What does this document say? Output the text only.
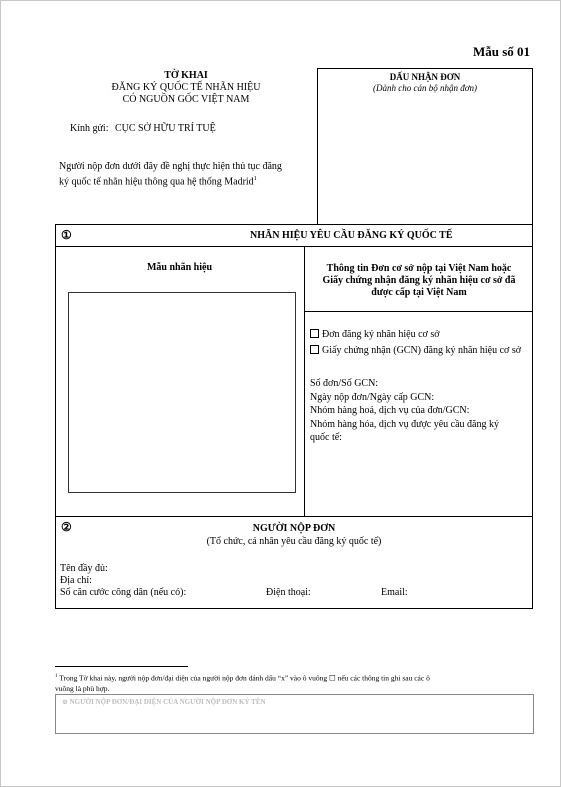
Mẫu số 01
TỜ KHAI
ĐĂNG KÝ QUỐC TẾ NHÃN HIỆU
CÓ NGUỒN GỐC VIỆT NAM
Kính gửi: CỤC SỞ HỮU TRÍ TUỆ
Người nộp đơn dưới đây đề nghị thực hiện thủ tục đăng
ký quốc tế nhãn hiệu thông qua hệ thống Madrid$^1$
DẤU NHẬN ĐƠN
(Dành cho cán bộ nhận đơn)
①	NHÃN HIỆU YÊU CẦU ĐĂNG KÝ QUỐC TẾ
Mẫu nhãn hiệu	Thông tin Đơn cơ sở nộp tại Việt Nam hoặc
Giấy chứng nhận đăng ký nhãn hiệu cơ sở đã
được cấp tại Việt Nam
Đơn đăng ký nhãn hiệu cơ sở
Giấy chứng nhận (GCN) đăng ký nhãn hiệu cơ sở
Số đơn/Số GCN:
Ngày nộp đơn/Ngày cấp GCN:
Nhóm hàng hoá, dịch vụ của đơn/GCN:
Nhóm hàng hóa, dịch vụ được yêu cầu đăng ký
quốc tế:
②	NGƯỜI NỘP ĐƠN
(Tổ chức, cá nhân yêu cầu đăng ký quốc tế)
Tên đầy đủ:
Địa chỉ:
Số căn cước công dân (nếu có):	Điện thoại:	Email:
$^1$ Trong Tờ khai này, người nộp đơn/đại diện của người nộp đơn đánh dấu “x” vào ô vuông ☐ nếu các thông tin ghi sau các ô
vuông là phù hợp.
⊘ NGƯỜI NỘP ĐƠN/ĐẠI DIỆN CỦA NGƯỜI NỘP ĐƠN KÝ TÊN
